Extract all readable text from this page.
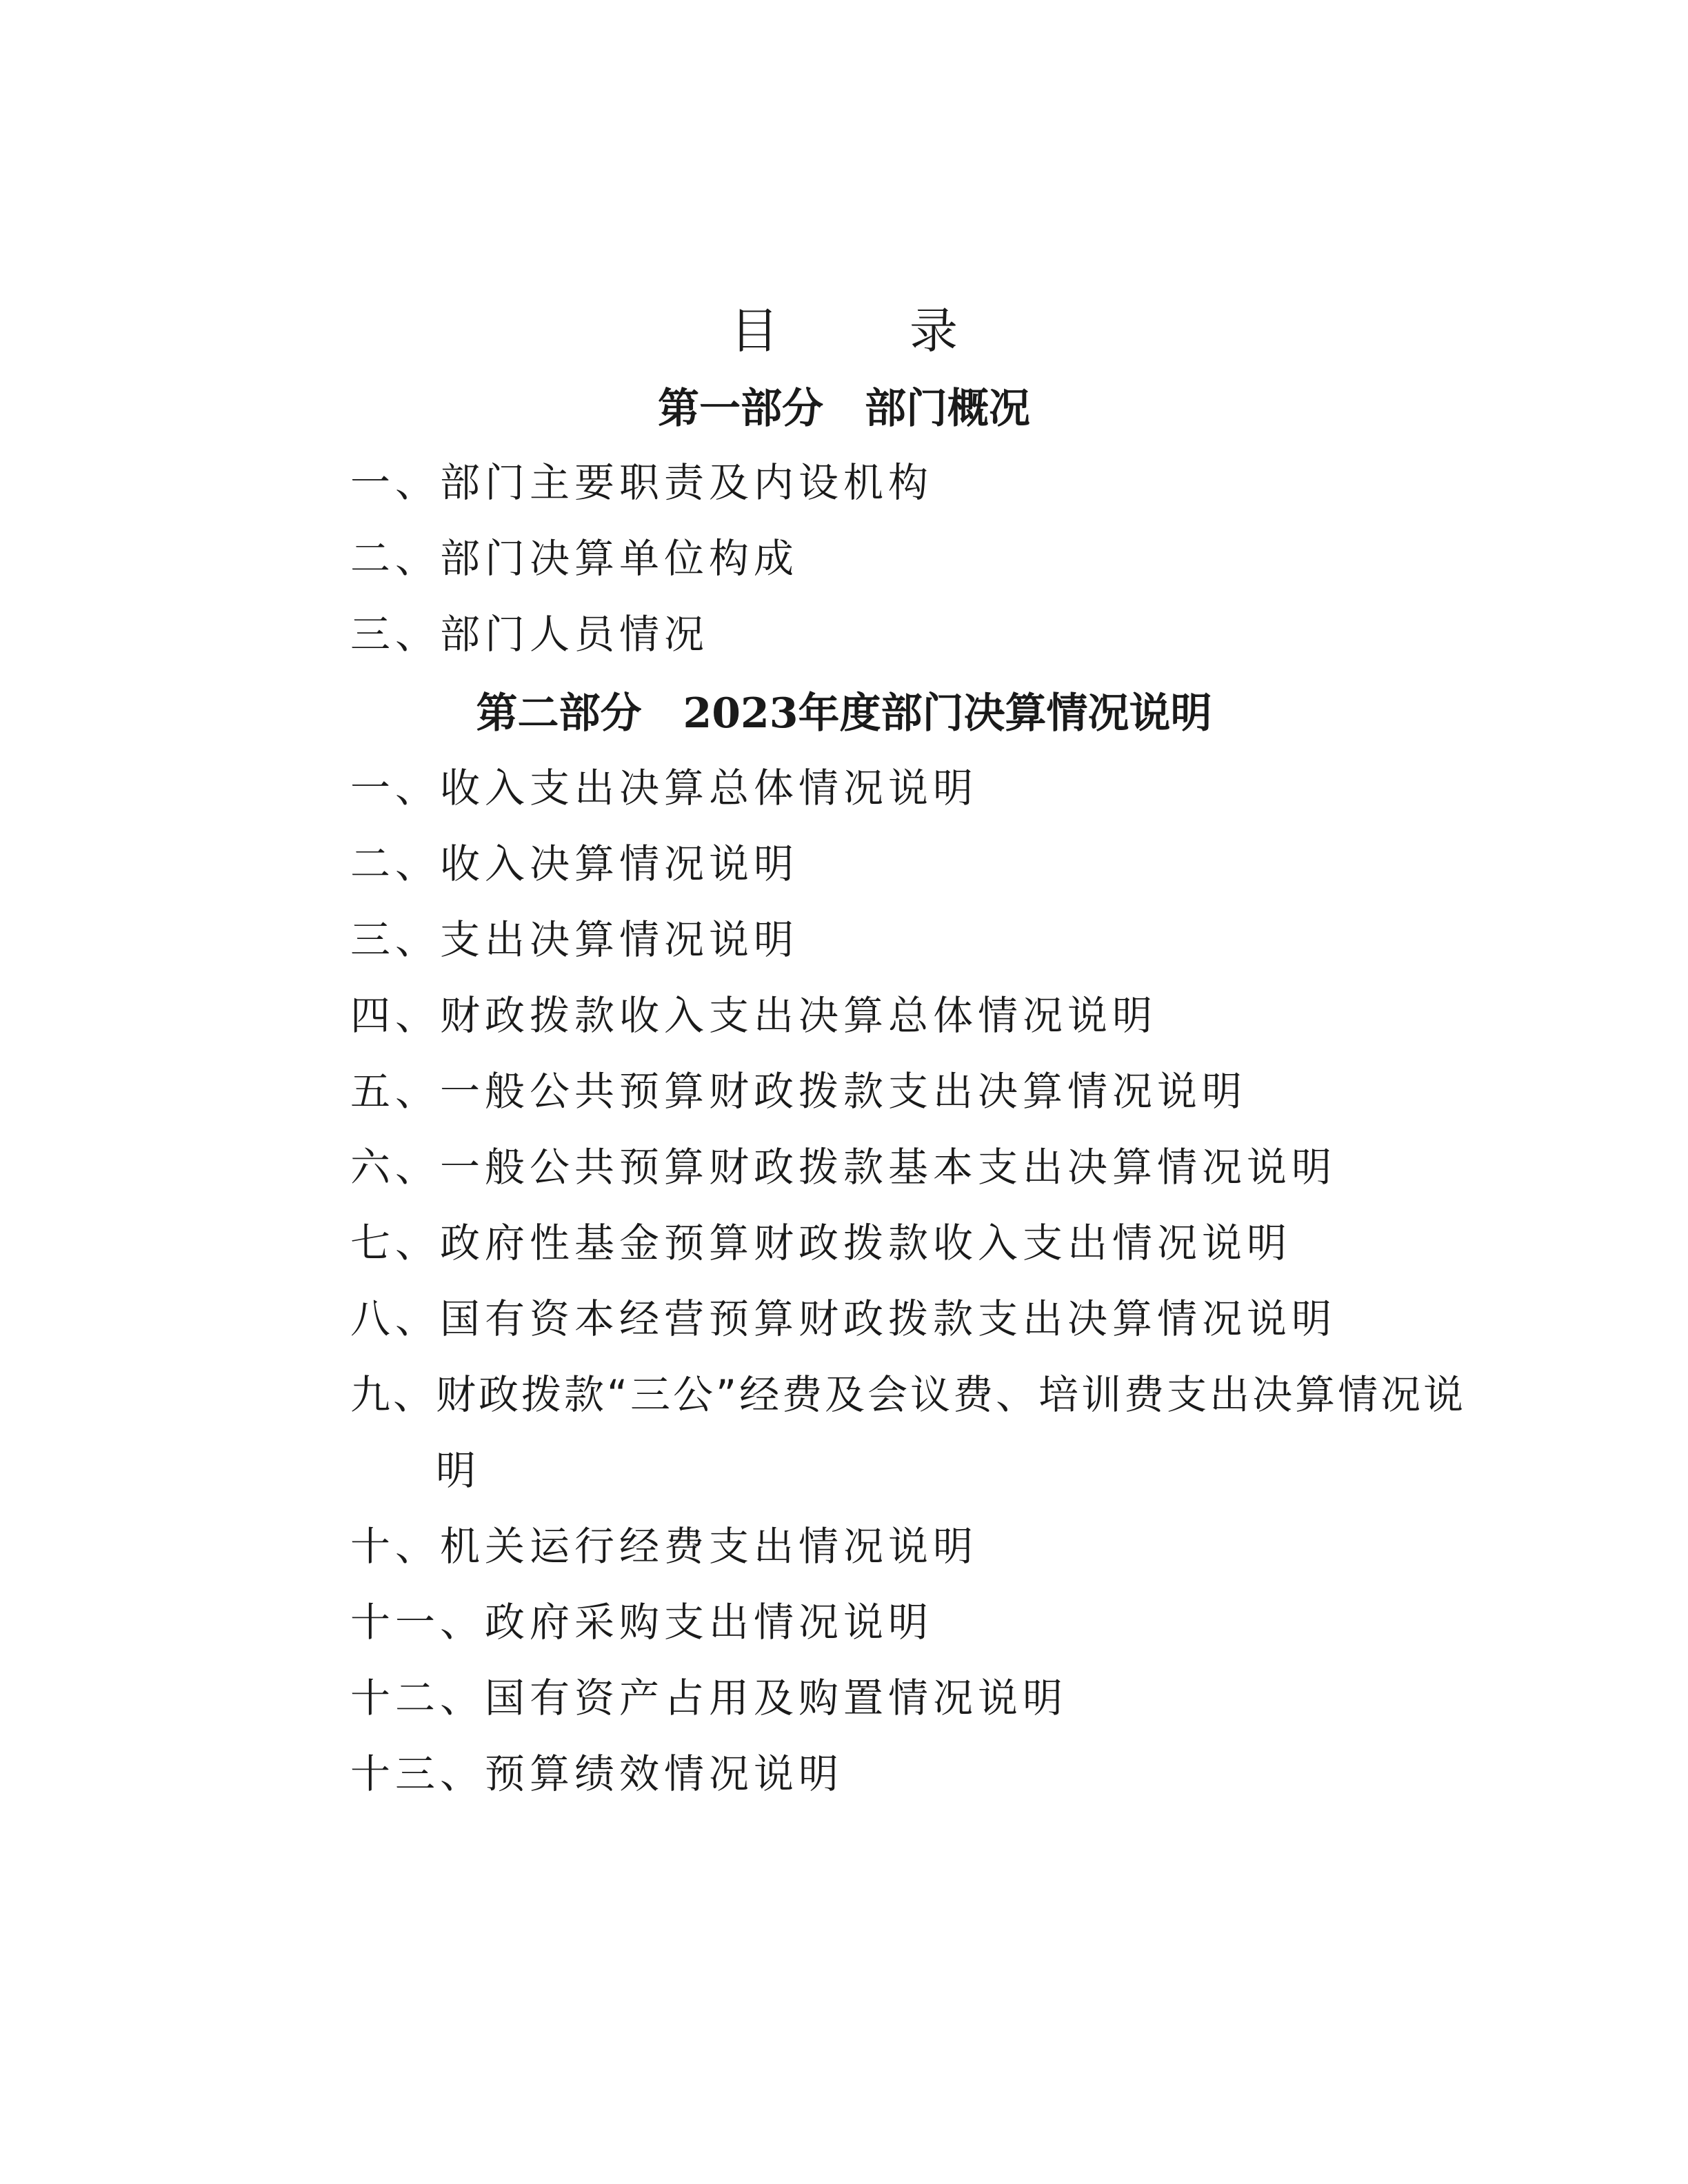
目　录
第一部分　部门概况
一、部门主要职责及内设机构
二、部门决算单位构成
三、部门人员情况
第二部分　2023年度部门决算情况说明
一、收入支出决算总体情况说明
二、收入决算情况说明
三、支出决算情况说明
四、财政拨款收入支出决算总体情况说明
五、一般公共预算财政拨款支出决算情况说明
六、一般公共预算财政拨款基本支出决算情况说明
七、政府性基金预算财政拨款收入支出情况说明
八、国有资本经营预算财政拨款支出决算情况说明
九、财政拨款“三公”经费及会议费、培训费支出决算情况说
明
十、机关运行经费支出情况说明
十一、政府采购支出情况说明
十二、国有资产占用及购置情况说明
十三、预算绩效情况说明
